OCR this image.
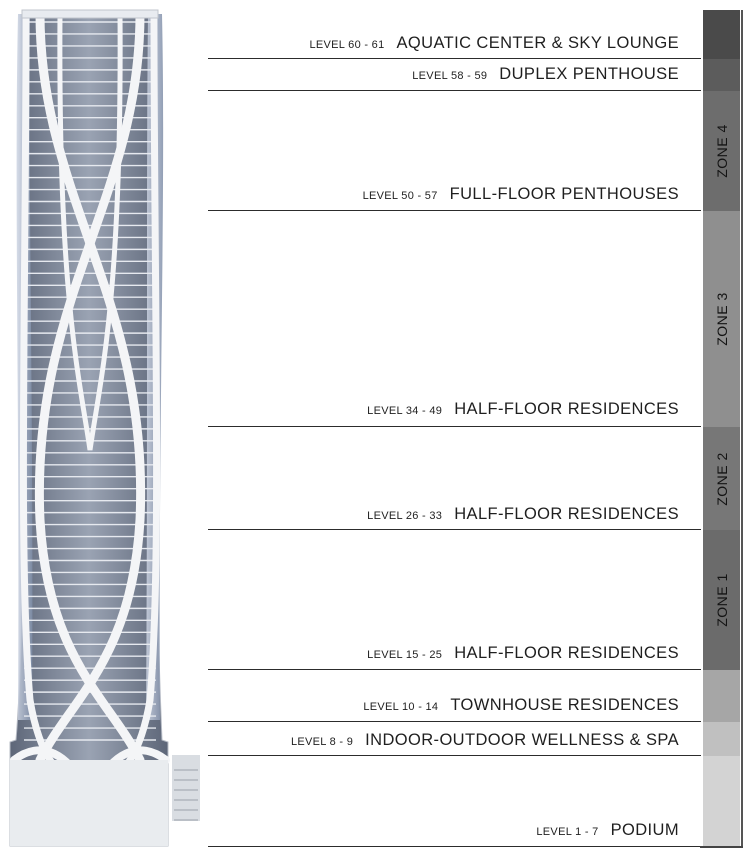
LEVEL 60 - 61 AQUATIC CENTER & SKY LOUNGE
LEVEL 58 - 59 DUPLEX PENTHOUSE
LEVEL 50 - 57 FULL-FLOOR PENTHOUSES
LEVEL 34 - 49 HALF-FLOOR RESIDENCES
LEVEL 26 - 33 HALF-FLOOR RESIDENCES
LEVEL 15 - 25 HALF-FLOOR RESIDENCES
LEVEL 10 - 14 TOWNHOUSE RESIDENCES
LEVEL 8 - 9 INDOOR-OUTDOOR WELLNESS & SPA
LEVEL 1 - 7 PODIUM
ZONE 4
ZONE 3
ZONE 2
ZONE 1
